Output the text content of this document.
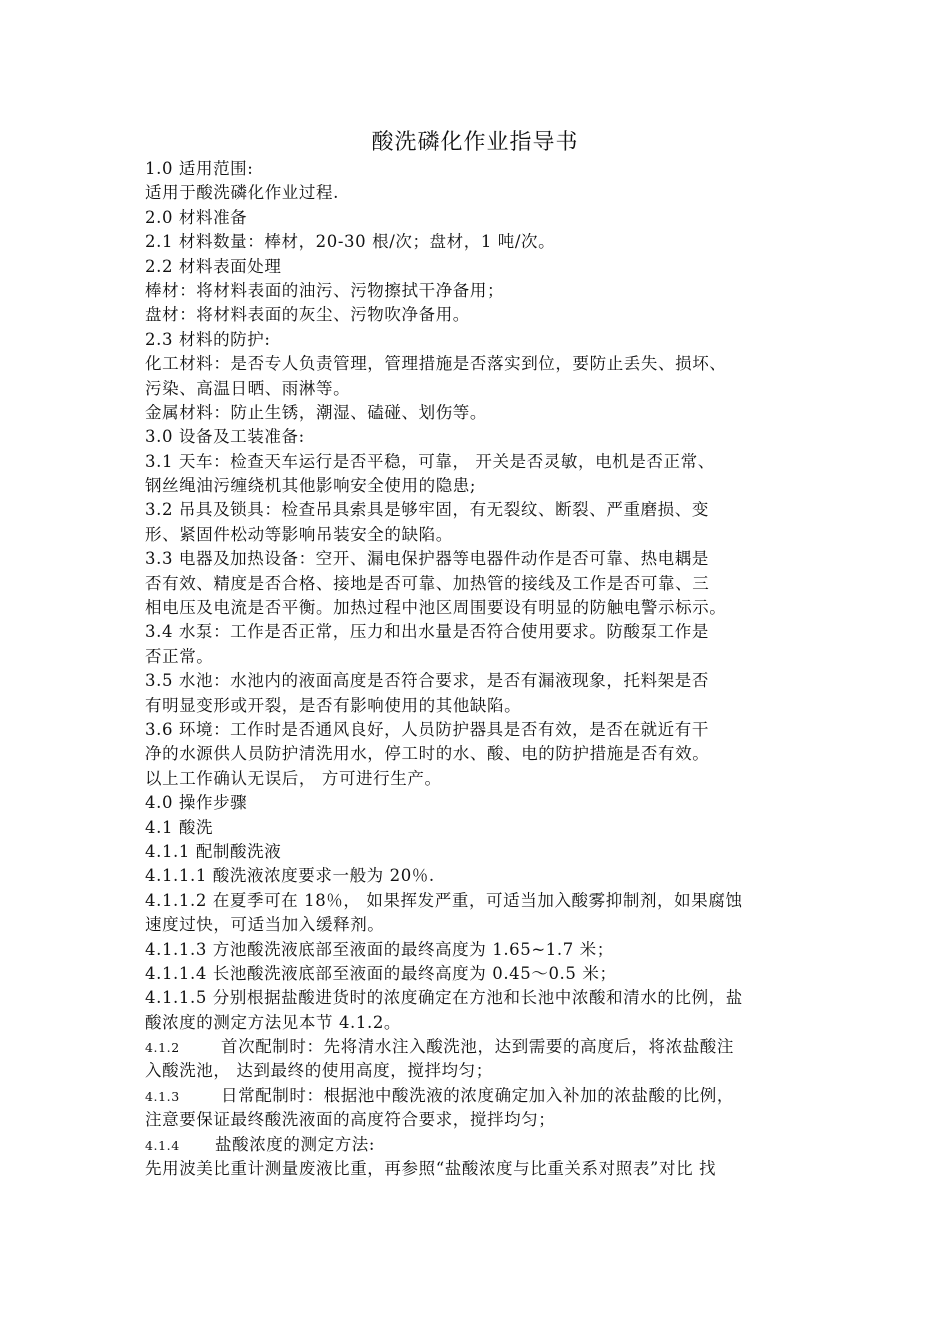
酸洗磷化作业指导书
1.0 适用范围:
适用于酸洗磷化作业过程.
2.0 材料准备
2.1 材料数量：棒材，20-30 根/次；盘材，1 吨/次。
2.2 材料表面处理
棒材：将材料表面的油污、污物擦拭干净备用；
盘材：将材料表面的灰尘、污物吹净备用。
2.3 材料的防护:
化工材料：是否专人负责管理，管理措施是否落实到位，要防止丢失、损坏、
污染、高温日晒、雨淋等。
金属材料：防止生锈，潮湿、磕碰、划伤等。
3.0 设备及工装准备:
3.1 天车：检查天车运行是否平稳，可靠， 开关是否灵敏，电机是否正常、
钢丝绳油污缠绕机其他影响安全使用的隐患;
3.2 吊具及锁具：检查吊具索具是够牢固，有无裂纹、断裂、严重磨损、变
形、紧固件松动等影响吊装安全的缺陷。
3.3 电器及加热设备：空开、漏电保护器等电器件动作是否可靠、热电耦是
否有效、精度是否合格、接地是否可靠、加热管的接线及工作是否可靠、三
相电压及电流是否平衡。加热过程中池区周围要设有明显的防触电警示标示。
3.4 水泵：工作是否正常，压力和出水量是否符合使用要求。防酸泵工作是
否正常。
3.5 水池：水池内的液面高度是否符合要求，是否有漏液现象，托料架是否
有明显变形或开裂，是否有影响使用的其他缺陷。
3.6 环境：工作时是否通风良好，人员防护器具是否有效，是否在就近有干
净的水源供人员防护清洗用水，停工时的水、酸、电的防护措施是否有效。
以上工作确认无误后， 方可进行生产。
4.0 操作步骤
4.1 酸洗
4.1.1 配制酸洗液
4.1.1.1 酸洗液浓度要求一般为 20％.
4.1.1.2 在夏季可在 18％， 如果挥发严重，可适当加入酸雾抑制剂，如果腐蚀
速度过快，可适当加入缓释剂。
4.1.1.3 方池酸洗液底部至液面的最终高度为 1.65~1.7 米；
4.1.1.4 长池酸洗液底部至液面的最终高度为 0.45〜0.5 米；
4.1.1.5 分别根据盐酸进货时的浓度确定在方池和长池中浓酸和清水的比例，盐
酸浓度的测定方法见本节 4.1.2。
4.1.2 首次配制时：先将清水注入酸洗池，达到需要的高度后，将浓盐酸注
入酸洗池， 达到最终的使用高度，搅拌均匀；
4.1.3 日常配制时：根据池中酸洗液的浓度确定加入补加的浓盐酸的比例，
注意要保证最终酸洗液面的高度符合要求，搅拌均匀；
4.1.4 盐酸浓度的测定方法:
先用波美比重计测量废液比重，再参照“盐酸浓度与比重关系对照表”对比 找
